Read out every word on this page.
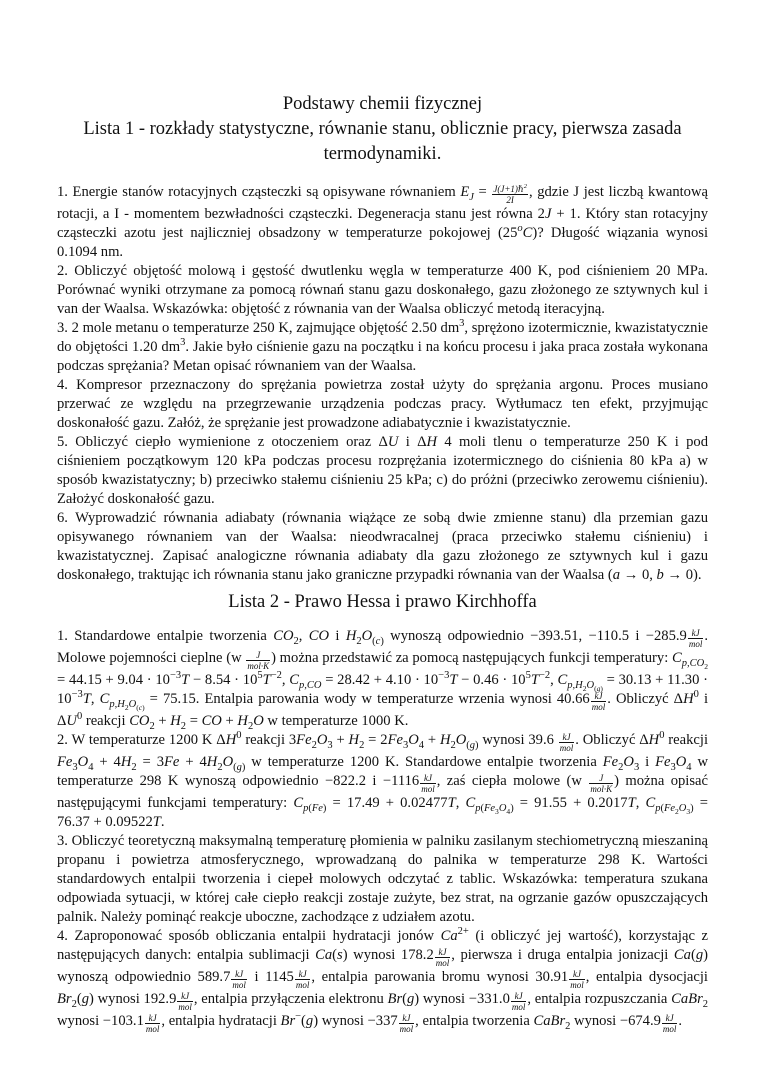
Podstawy chemii fizycznej
Lista 1 - rozkłady statystyczne, równanie stanu, oblicznie pracy, pierwsza zasada
termodynamiki.

1. Energie stanów rotacyjnych cząsteczki są opisywane równaniem $E_J = \frac{J(J+1)\hbar^2}{2I}$ , gdzie J jest liczbą kwantową rotacji, a I - momentem bezwładności cząsteczki. Degeneracja stanu jest równa 2J + 1. Który stan rotacyjny cząsteczki azotu jest najliczniej obsadzony w temperaturze pokojowej (25$^o$C)? Długość wiązania wynosi 0.1094 nm.

2. Obliczyć objętość molową i gęstość dwutlenku węgla w temperaturze 400 K, pod ciśnieniem 20 MPa. Porównać wyniki otrzymane za pomocą równań stanu gazu doskonałego, gazu złożonego ze sztywnych kul i van der Waalsa. Wskazówka: objętość z równania van der Waalsa obliczyć metodą iteracyjną.

3. 2 mole metanu o temperaturze 250 K, zajmujące objętość 2.50 $dm^3$, sprężono izotermicznie, kwazistatycznie do objętości 1.20 $dm^3$. Jakie było ciśnienie gazu na początku i na końcu procesu i jaka praca została wykonana podczas sprężania? Metan opisać równaniem van der Waalsa.

4. Kompresor przeznaczony do sprężania powietrza został użyty do sprężania argonu. Proces musiano przerwać ze względu na przegrzewanie urządzenia podczas pracy. Wytłumacz ten efekt, przyjmując doskonałość gazu. Załóż, że sprężanie jest prowadzone adiabatycznie i kwazistatycznie.

5. Obliczyć ciepło wymienione z otoczeniem oraz ΔU i ΔH 4 moli tlenu o temperaturze 250 K i pod ciśnieniem początkowym 120 kPa podczas procesu rozprężania izotermicznego do ciśnienia 80 kPa a) w sposób kwazistatyczny; b) przeciwko stałemu ciśnieniu 25 kPa; c) do próżni (przeciwko zerowemu ciśnieniu). Założyć doskonałość gazu.

6. Wyprowadzić równania adiabaty (równania wiążące ze sobą dwie zmienne stanu) dla przemian gazu opisywanego równaniem van der Waalsa: nieodwracalnej (praca przeciwko stałemu ciśnieniu) i kwazistatycznej. Zapisać analogiczne równania adiabaty dla gazu złożonego ze sztywnych kul i gazu doskonałego, traktując ich równania stanu jako graniczne przypadki równania van der Waalsa (a → 0, b → 0).

Lista 2 - Prawo Hessa i prawo Kirchhoffa

1. Standardowe entalpie tworzenia $CO_2$, CO i $H_2O_{(c)}$ wynoszą odpowiednio −393.51, −110.5 $i -285.9 \frac{kJ}{\text{mol}}$ . Molowe pojemności cieplne ($w \frac{J}{\text{mol·K}}$ ) można przedstawić za pomocą następujących funkcji temperatury: $C_{p,CO_2} = 44.15 + 9.04 \cdot 10^{-3}T - 8.54 \cdot 10^5T^{-2}$, $C_{p,CO} = 28.42 + 4.10 \cdot 10^{-3}T - 0.46 \cdot 10^5T^{-2}$, $C_{p,H_2O_{(g)}} = 30.13 + 11.30 \cdot 10^{-3}T$, $C_{p,H_2O_{(c)}} = 75.15$. Entalpia parowania wody w temperaturze wrzenia wynosi $40.66 \frac{kJ}{\text{mol}}$ . Obliczyć $\Delta H^0$ i $\Delta U^0$ reakcji $CO_2 + H_2$ = CO + $H_2O$ w temperaturze 1000 K.

2. W temperaturze 1200 K $\Delta H^0$ reakcji $3Fe_2O_3 + H_2 = 2Fe_3O_4 + H_2O_{(g)}$ wynosi $39.6 \frac{kJ}{\text{mol}}$ . Obliczyć $\Delta H^0$ reakcji $Fe_3O_4 + 4H_2 = 3Fe + 4H_2O_{(g)}$ w temperaturze 1200 K. Standardowe entalpie tworzenia $Fe_2O_3$ i $Fe_3O_4$ w temperaturze 298 K wynoszą odpowiednio −822.2 $i -1116 \frac{kJ}{\text{mol}}$ , zaś ciepła molowe ($w \frac{J}{\text{mol·K}}$ ) można opisać następującymi funkcjami temperatury: $C_{p(Fe)} = 17.49 + 0.02477T$, $C_{p(Fe_3O_4)} = 91.55 + 0.2017T$, $C_{p(Fe_2O_3)} = 76.37 + 0.09522T$.

3. Obliczyć teoretyczną maksymalną temperaturę płomienia w palniku zasilanym stechiometryczną mieszaniną propanu i powietrza atmosferycznego, wprowadzaną do palnika w temperaturze 298 K. Wartości standardowych entalpii tworzenia i ciepeł molowych odczytać z tablic. Wskazówka: temperatura szukana odpowiada sytuacji, w której całe ciepło reakcji zostaje zużyte, bez strat, na ogrzanie gazów opuszczających palnik. Należy pominąć reakcje uboczne, zachodzące z udziałem azotu.

4. Zaproponować sposób obliczania entalpii hydratacji jonów $Ca^{2+}$ (i obliczyć jej wartość), korzystając z następujących danych: entalpia sublimacji Ca(s) wynosi $178.2 \frac{kJ}{\text{mol}}$ , pierwsza i druga entalpia jonizacji Ca(g) wynoszą odpowiednio $589.7 \frac{kJ}{\text{mol}}$ i $1145 \frac{kJ}{\text{mol}}$ , entalpia parowania bromu wynosi $30.91 \frac{kJ}{\text{mol}}$ , entalpia dysocjacji $Br_2(g)$ wynosi $192.9 \frac{kJ}{\text{mol}}$ , entalpia przyłączenia elektronu Br(g) wynosi $-331.0 \frac{kJ}{\text{mol}}$ , entalpia rozpuszczania CaBr$_2$ wynosi $-103.1 \frac{kJ}{\text{mol}}$ , entalpia hydratacji Br−(g) wynosi $-337 \frac{kJ}{\text{mol}}$ , entalpia tworzenia CaBr$_2$ wynosi $-674.9 \frac{kJ}{\text{mol}}$ .
